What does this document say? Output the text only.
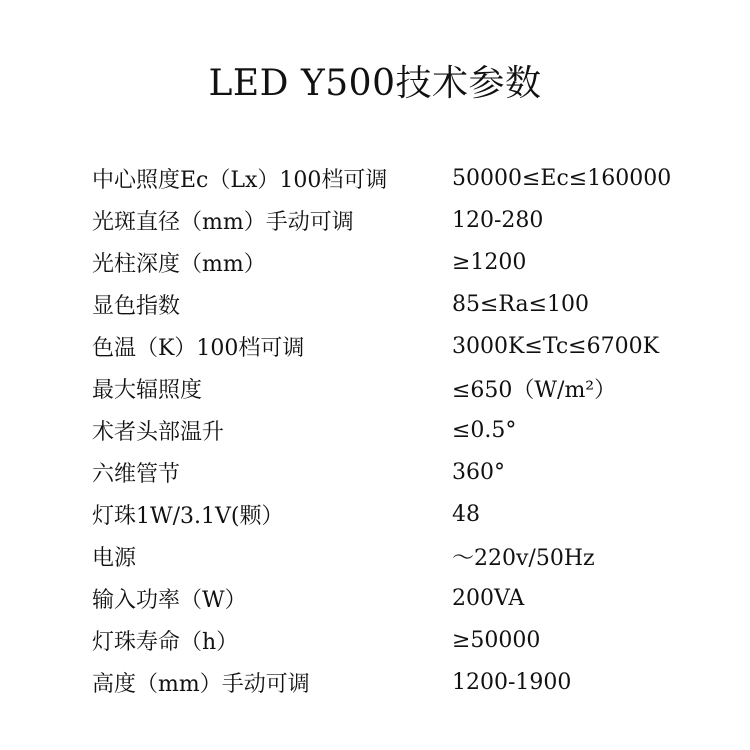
LED Y500技术参数
中心照度Ec（Lx）100档可调	50000≤Ec≤160000
光斑直径（mm）手动可调	120-280
光柱深度（mm）	≥1200
显色指数	85≤Ra≤100
色温（K）100档可调	3000K≤Tc≤6700K
最大辐照度	≤650（W/m²）
术者头部温升	≤0.5°
六维管节	360°
灯珠1W/3.1V(颗）	48
电源	～220v/50Hz
输入功率（W）	200VA
灯珠寿命（h）	≥50000
高度（mm）手动可调	1200-1900
